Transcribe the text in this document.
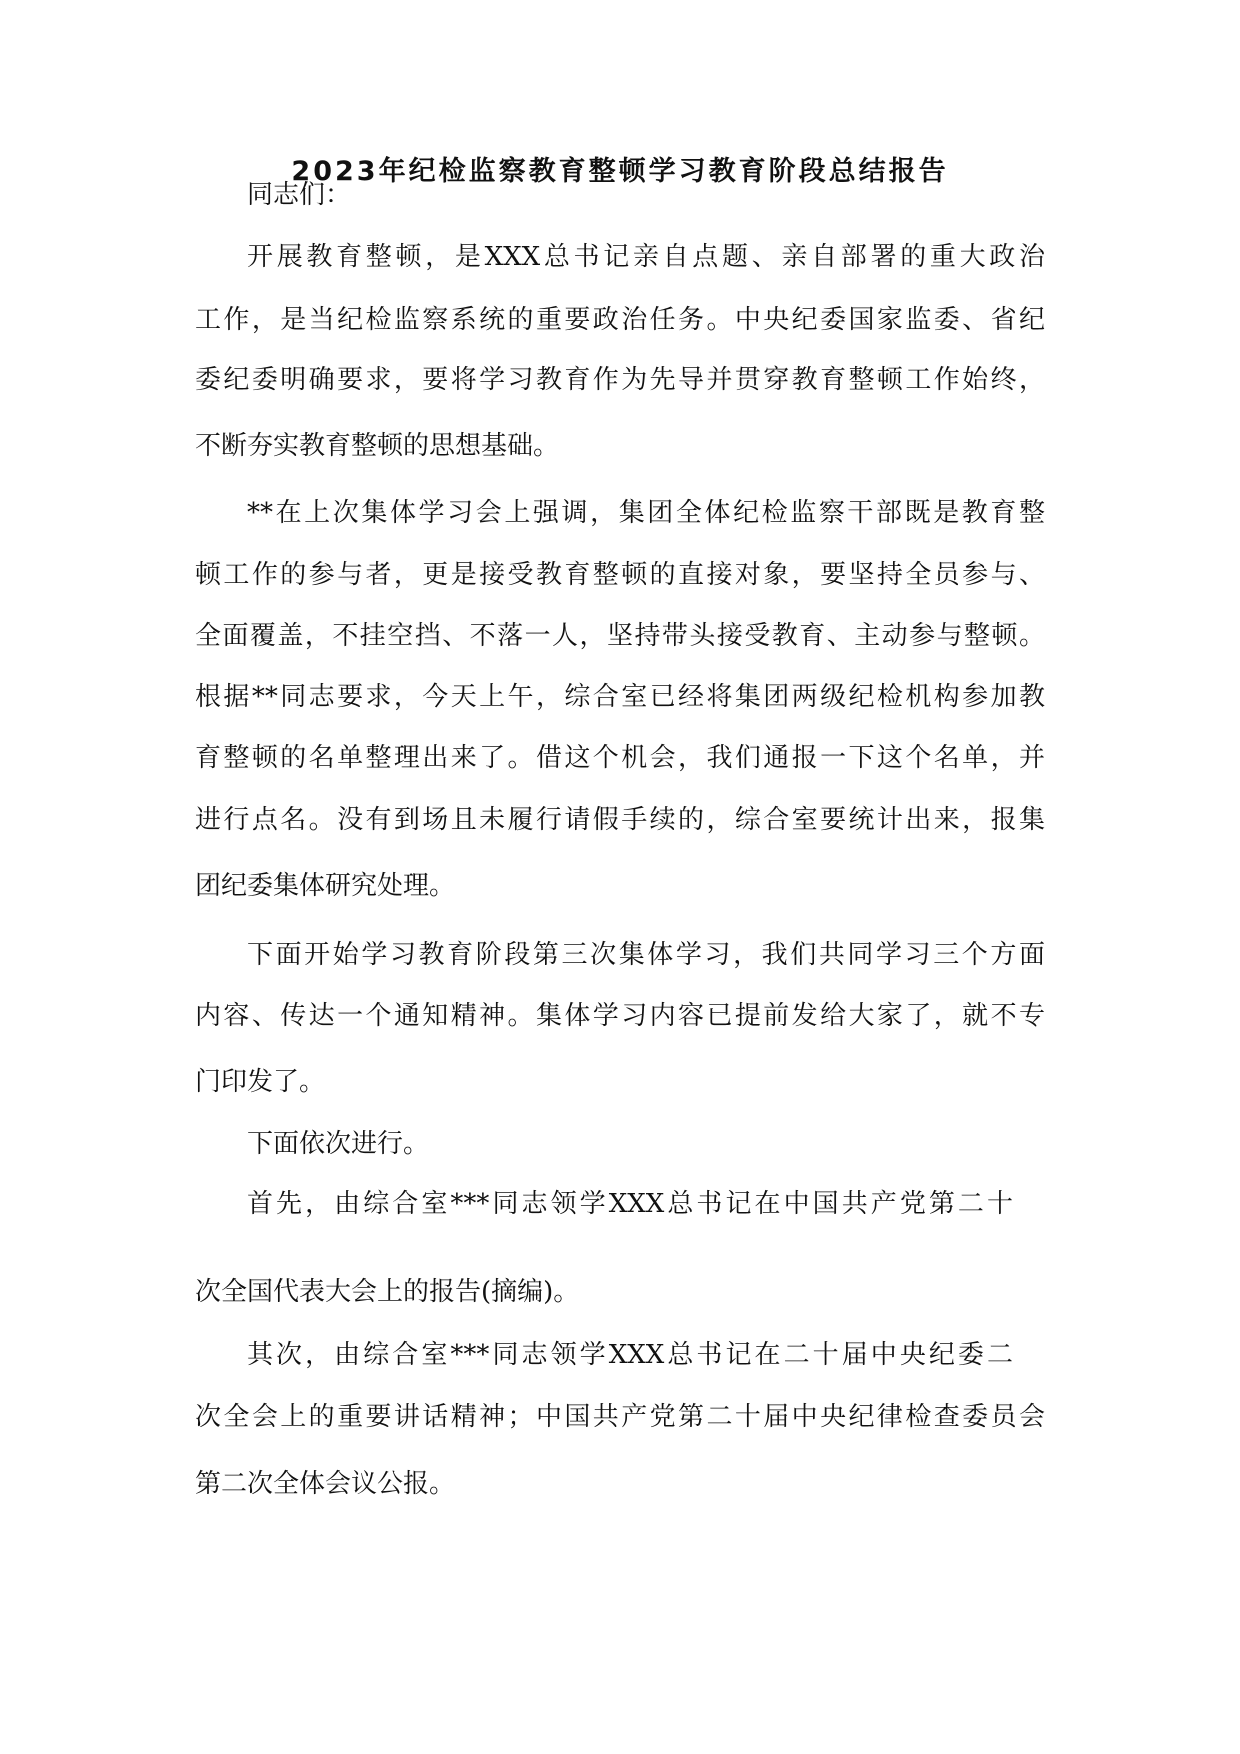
2023年纪检监察教育整顿学习教育阶段总结报告
同志们：
开展教育整顿，是XXX总书记亲自点题、亲自部署的重大政治
工作，是当纪检监察系统的重要政治任务。中央纪委国家监委、省纪
委纪委明确要求，要将学习教育作为先导并贯穿教育整顿工作始终，
不断夯实教育整顿的思想基础。
**在上次集体学习会上强调，集团全体纪检监察干部既是教育整
顿工作的参与者，更是接受教育整顿的直接对象，要坚持全员参与、
全面覆盖，不挂空挡、不落一人，坚持带头接受教育、主动参与整顿。
根据**同志要求，今天上午，综合室已经将集团两级纪检机构参加教
育整顿的名单整理出来了。借这个机会，我们通报一下这个名单，并
进行点名。没有到场且未履行请假手续的，综合室要统计出来，报集
团纪委集体研究处理。
下面开始学习教育阶段第三次集体学习，我们共同学习三个方面
内容、传达一个通知精神。集体学习内容已提前发给大家了，就不专
门印发了。
下面依次进行。
首先，由综合室***同志领学XXX总书记在中国共产党第二十
次全国代表大会上的报告(摘编)。
其次，由综合室***同志领学XXX总书记在二十届中央纪委二
次全会上的重要讲话精神；中国共产党第二十届中央纪律检查委员会
第二次全体会议公报。
